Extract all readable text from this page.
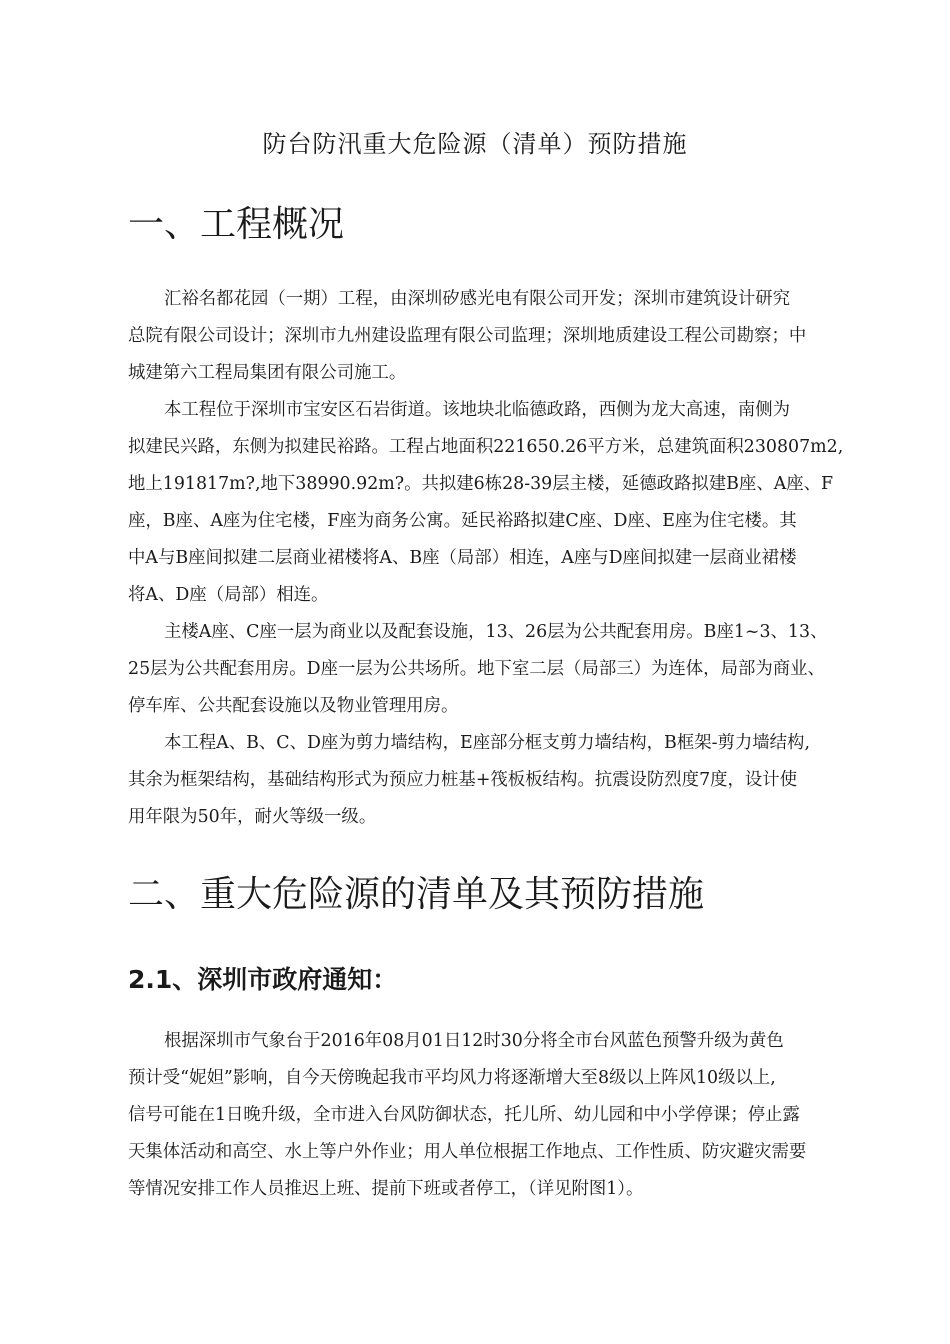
防台防汛重大危险源（清单）预防措施
一、工程概况

汇裕名都花园（一期）工程，由深圳矽感光电有限公司开发；深圳市建筑设计研究
总院有限公司设计；深圳市九州建设监理有限公司监理；深圳地质建设工程公司勘察；中
城建第六工程局集团有限公司施工。

本工程位于深圳市宝安区石岩街道。该地块北临德政路，西侧为龙大高速，南侧为
拟建民兴路，东侧为拟建民裕路。工程占地面积221650.26平方米，总建筑面积230807m2,
地上191817m?,地下38990.92m?。共拟建6栋28-39层主楼，延德政路拟建B座、A座、F
座，B座、A座为住宅楼，F座为商务公寓。延民裕路拟建C座、D座、E座为住宅楼。其
中A与B座间拟建二层商业裙楼将A、B座（局部）相连，A座与D座间拟建一层商业裙楼
将A、D座（局部）相连。

主楼A座、C座一层为商业以及配套设施，13、26层为公共配套用房。B座1~3、13、
25层为公共配套用房。D座一层为公共场所。地下室二层（局部三）为连体，局部为商业、
停车库、公共配套设施以及物业管理用房。

本工程A、B、C、D座为剪力墙结构，E座部分框支剪力墙结构，B框架-剪力墙结构,
其余为框架结构，基础结构形式为预应力桩基+筏板板结构。抗震设防烈度7度，设计使
用年限为50年，耐火等级一级。

二、重大危险源的清单及其预防措施
2.1、深圳市政府通知：

根据深圳市气象台于2016年08月01日12时30分将全市台风蓝色预警升级为黄色
预计受“妮妲”影响，自今天傍晚起我市平均风力将逐渐增大至8级以上阵风10级以上,
信号可能在1日晚升级，全市进入台风防御状态，托儿所、幼儿园和中小学停课；停止露
天集体活动和高空、水上等户外作业；用人单位根据工作地点、工作性质、防灾避灾需要
等情况安排工作人员推迟上班、提前下班或者停工，（详见附图1）。
